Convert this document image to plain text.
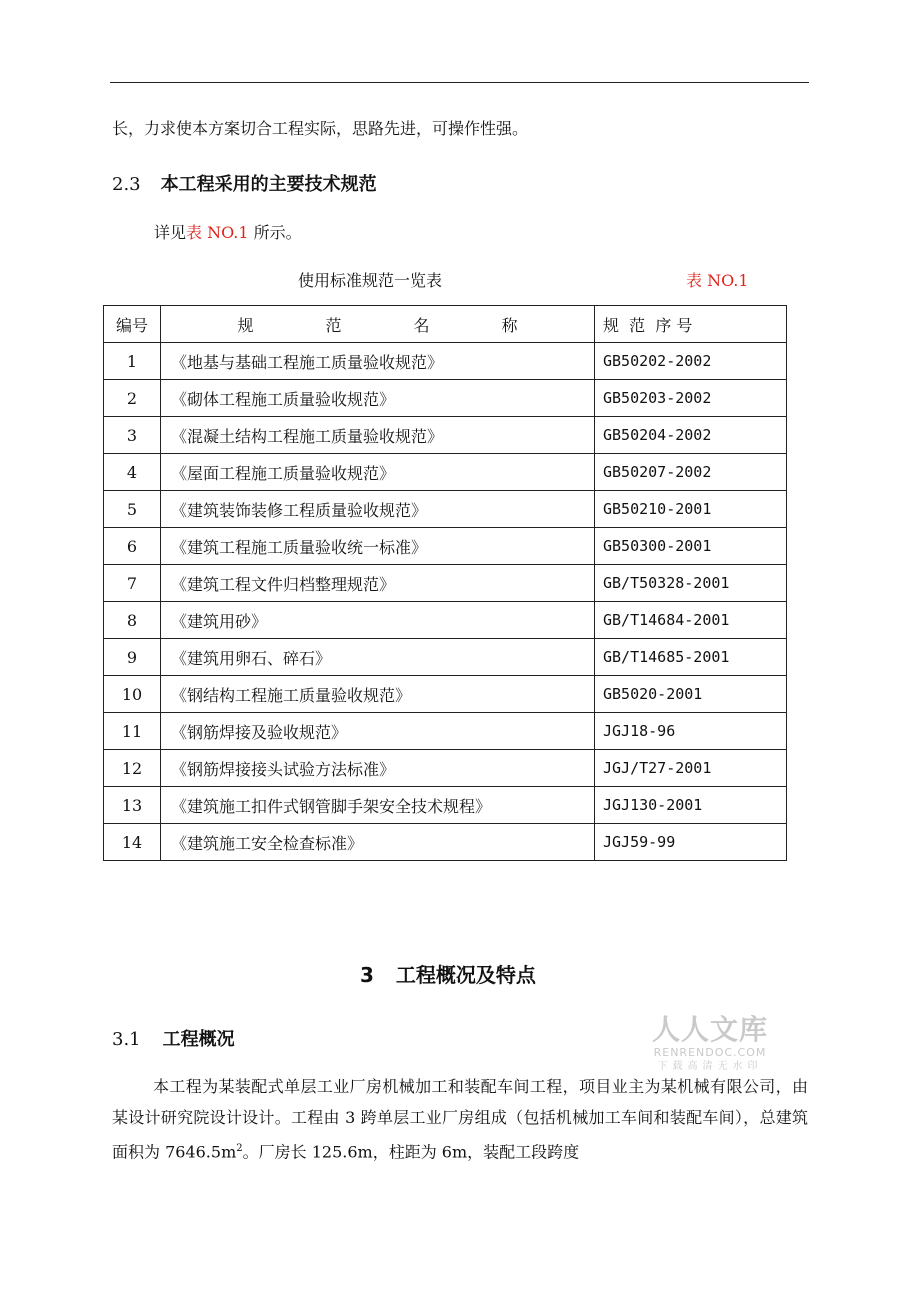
长，力求使本方案切合工程实际，思路先进，可操作性强。
2.3 本工程采用的主要技术规范
详见表 NO.1 所示。
使用标准规范一览表	表 NO.1
编号	规 范 名 称	规  范  序 号
1	《地基与基础工程施工质量验收规范》	GB50202-2002
2	《砌体工程施工质量验收规范》	GB50203-2002
3	《混凝土结构工程施工质量验收规范》	GB50204-2002
4	《屋面工程施工质量验收规范》	GB50207-2002
5	《建筑装饰装修工程质量验收规范》	GB50210-2001
6	《建筑工程施工质量验收统一标准》	GB50300-2001
7	《建筑工程文件归档整理规范》	GB/T50328-2001
8	《建筑用砂》	GB/T14684-2001
9	《建筑用卵石、碎石》	GB/T14685-2001
10	《钢结构工程施工质量验收规范》	GB5020-2001
11	《钢筋焊接及验收规范》	JGJ18-96
12	《钢筋焊接接头试验方法标准》	JGJ/T27-2001
13	《建筑施工扣件式钢管脚手架安全技术规程》	JGJ130-2001
14	《建筑施工安全检查标准》	JGJ59-99
3 工程概况及特点
3.1 工程概况
本工程为某装配式单层工业厂房机械加工和装配车间工程，项目业主为某机械有限公司，由某设计研究院设计设计。工程由 3 跨单层工业厂房组成（包括机械加工车间和装配车间），总建筑面积为 $7646.5m^2$。厂房长 125.6m，柱距为 6m，装配工段跨度
人人文库
RENRENDOC.COM
下载高清无水印
